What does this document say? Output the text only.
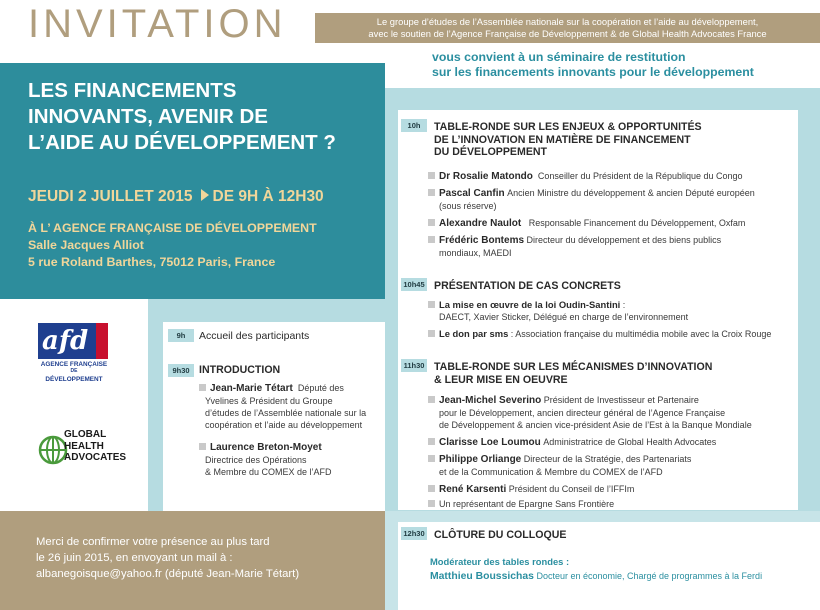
INVITATION	Le groupe d’études de l’Assemblée nationale sur la coopération et l’aide au développement,
avec le soutien de l’Agence Française de Développement & de Global Health Advocates France
vous convient à un séminaire de restitution
sur les financements innovants pour le développement
LES FINANCEMENTS
INNOVANTS, AVENIR DE
L’AIDE AU DÉVELOPPEMENT ?
JEUDI 2 JUILLET 2015 DE 9H À 12H30
À L’ AGENCE FRANÇAISE DE DÉVELOPPEMENT
Salle Jacques Alliot
5 rue Roland Barthes, 75012 Paris, France
afd
AGENCE FRANÇAISE
DE
DÉVELOPPEMENT
GLOBAL
HEALTH
ADVOCATES
9h	Accueil des participants
9h30 INTRODUCTION
Jean-Marie Tétart Député des
Yvelines & Président du Groupe
d’études de l’Assemblée nationale sur la
coopération et l’aide au développement
Laurence Breton-Moyet
Directrice des Opérations
& Membre du COMEX de l’AFD
10h	TABLE-RONDE SUR LES ENJEUX & OPPORTUNITÉS
DE L’INNOVATION EN MATIÈRE DE FINANCEMENT
DU DÉVELOPPEMENT
Dr Rosalie Matondo Conseiller du Président de la République du Congo
Pascal Canfin Ancien Ministre du développement & ancien Député européen
(sous réserve)
Alexandre Naulot Responsable Financement du Développement, Oxfam
Frédéric Bontems Directeur du développement et des biens publics
mondiaux, MAEDI
10h45 PRÉSENTATION DE CAS CONCRETS
La mise en œuvre de la loi Oudin-Santini :
DAECT, Xavier Sticker, Délégué en charge de l’environnement
Le don par sms : Association française du multimédia mobile avec la Croix Rouge
11h30 TABLE-RONDE SUR LES MÉCANISMES D’INNOVATION
& LEUR MISE EN OEUVRE
Jean-Michel Severino Président de Investisseur et Partenaire
pour le Développement, ancien directeur général de l’Agence Française
de Développement & ancien vice-président Asie de l’Est à la Banque Mondiale
Clarisse Loe Loumou Administratrice de Global Health Advocates
Philippe Orliange Directeur de la Stratégie, des Partenariats
et de la Communication & Membre du COMEX de l’AFD
René Karsenti Président du Conseil de l’IFFIm
Un représentant de Epargne Sans Frontière
12h30 CLÔTURE DU COLLOQUE
Modérateur des tables rondes :
Matthieu Boussichas Docteur en économie, Chargé de programmes à la Ferdi
Merci de confirmer votre présence au plus tard
le 26 juin 2015, en envoyant un mail à :
albanegoisque@yahoo.fr (député Jean-Marie Tétart)
